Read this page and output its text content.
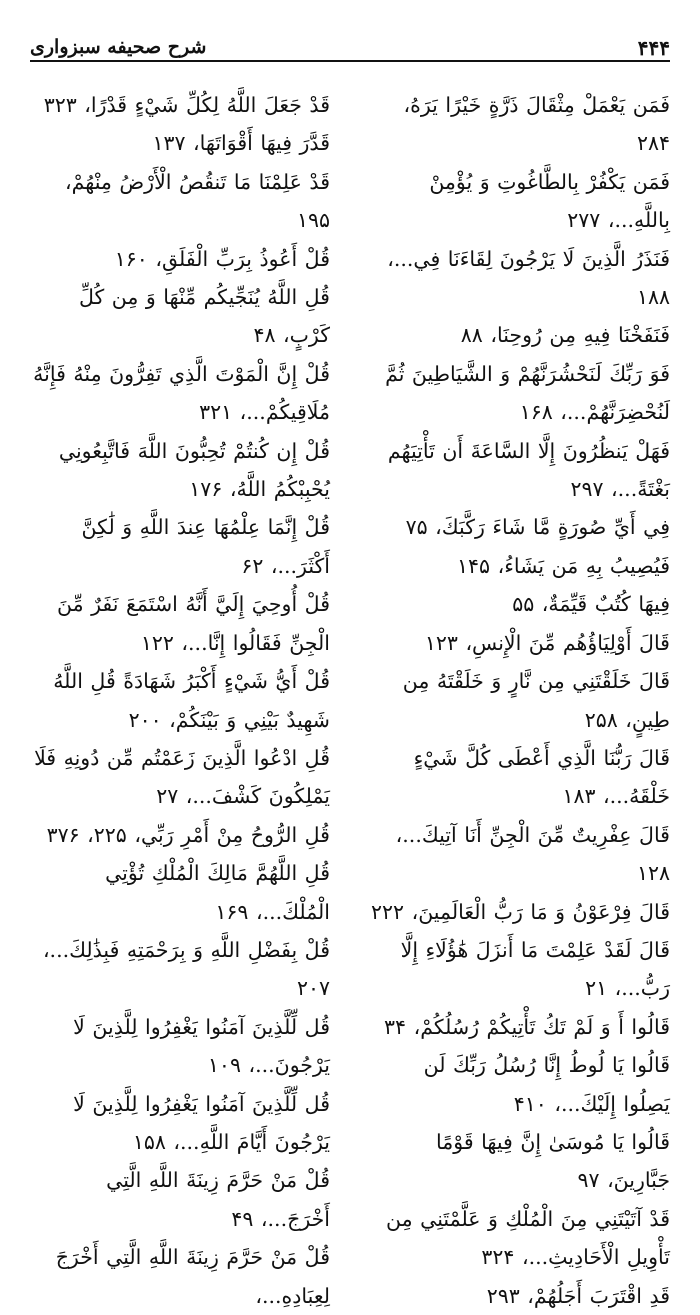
۴۴۴
شرح صحیفه سبزواری
فَمَن يَعْمَلْ مِثْقَالَ ذَرَّةٍ خَيْرًا يَرَهُ، ۲۸۴
فَمَن يَكْفُرْ بِالطَّاغُوتِ وَ يُؤْمِنْ بِاللَّهِ...، ۲۷۷
فَنَذَرُ الَّذِينَ لَا يَرْجُونَ لِقَاءَنَا فِي...، ۱۸۸
فَنَفَخْنَا فِيهِ مِن رُوحِنَا، ۸۸
فَوَ رَبِّكَ لَنَحْشُرَنَّهُمْ وَ الشَّيَاطِينَ ثُمَّ لَنُحْضِرَنَّهُمْ...، ۱۶۸
فَهَلْ يَنظُرُونَ إِلَّا السَّاعَةَ أَن تَأْتِيَهُم بَغْتَةً...، ۲۹۷
فِي أَيِّ صُورَةٍ مَّا شَاءَ رَكَّبَكَ، ۷۵
فَيُصِيبُ بِهِ مَن يَشَاءُ، ۱۴۵
فِيهَا كُتُبٌ قَيِّمَةٌ، ۵۵
قَالَ أَوْلِيَاؤُهُم مِّنَ الْإِنسِ، ۱۲۳
قَالَ خَلَقْتَنِي مِن نَّارٍ وَ خَلَقْتَهُ مِن طِينٍ، ۲۵۸
قَالَ رَبُّنَا الَّذِي أَعْطَى كُلَّ شَيْءٍ خَلْقَهُ...، ۱۸۳
قَالَ عِفْرِيتٌ مِّنَ الْجِنِّ أَنَا آتِيكَ...، ۱۲۸
قَالَ فِرْعَوْنُ وَ مَا رَبُّ الْعَالَمِينَ، ۲۲۲
قَالَ لَقَدْ عَلِمْتَ مَا أَنزَلَ هَٰؤُلَاءِ إِلَّا رَبُّ...، ۲۱
قَالُوا أَ وَ لَمْ تَكُ تَأْتِيكُمْ رُسُلُكُمْ، ۳۴
قَالُوا يَا لُوطُ إِنَّا رُسُلُ رَبِّكَ لَن يَصِلُوا إِلَيْكَ...، ۴۱۰
قَالُوا يَا مُوسَىٰ إِنَّ فِيهَا قَوْمًا جَبَّارِينَ، ۹۷
قَدْ آتَيْتَنِي مِنَ الْمُلْكِ وَ عَلَّمْتَنِي مِن تَأْوِيلِ الْأَحَادِيثِ...، ۳۲۴
قَدِ اقْتَرَبَ أَجَلُهُمْ، ۲۹۳
قَدْ جَعَلَ اللَّهُ لِكُلِّ شَيْءٍ قَدْرًا، ۳۲۳
قَدَّرَ فِيهَا أَقْوَاتَهَا، ۱۳۷
قَدْ عَلِمْنَا مَا تَنقُصُ الْأَرْضُ مِنْهُمْ، ۱۹۵
قُلْ أَعُوذُ بِرَبِّ الْفَلَقِ، ۱۶۰
قُلِ اللَّهُ يُنَجِّيكُم مِّنْهَا وَ مِن كُلِّ كَرْبٍ، ۴۸
قُلْ إِنَّ الْمَوْتَ الَّذِي تَفِرُّونَ مِنْهُ فَإِنَّهُ مُلَاقِيكُمْ...، ۳۲۱
قُلْ إِن كُنتُمْ تُحِبُّونَ اللَّهَ فَاتَّبِعُونِي يُحْبِبْكُمُ اللَّهُ، ۱۷۶
قُلْ إِنَّمَا عِلْمُهَا عِندَ اللَّهِ وَ لَٰكِنَّ أَكْثَرَ...، ۶۲
قُلْ أُوحِيَ إِلَيَّ أَنَّهُ اسْتَمَعَ نَفَرٌ مِّنَ الْجِنِّ فَقَالُوا إِنَّا...، ۱۲۲
قُلْ أَيُّ شَيْءٍ أَكْبَرُ شَهَادَةً قُلِ اللَّهُ شَهِيدٌ بَيْنِي وَ بَيْنَكُمْ، ۲۰۰
قُلِ ادْعُوا الَّذِينَ زَعَمْتُم مِّن دُونِهِ فَلَا يَمْلِكُونَ كَشْفَ...، ۲۷
قُلِ الرُّوحُ مِنْ أَمْرِ رَبِّي، ۲۲۵، ۳۷۶
قُلِ اللَّهُمَّ مَالِكَ الْمُلْكِ تُؤْتِي الْمُلْكَ...، ۱۶۹
قُلْ بِفَضْلِ اللَّهِ وَ بِرَحْمَتِهِ فَبِذَٰلِكَ...، ۲۰۷
قُل لِّلَّذِينَ آمَنُوا يَغْفِرُوا لِلَّذِينَ لَا يَرْجُونَ...، ۱۰۹
قُل لِّلَّذِينَ آمَنُوا يَغْفِرُوا لِلَّذِينَ لَا يَرْجُونَ أَيَّامَ اللَّهِ...، ۱۵۸
قُلْ مَنْ حَرَّمَ زِينَةَ اللَّهِ الَّتِي أَخْرَجَ...، ۴۹
قُلْ مَنْ حَرَّمَ زِينَةَ اللَّهِ الَّتِي أَخْرَجَ لِعِبَادِهِ...،
